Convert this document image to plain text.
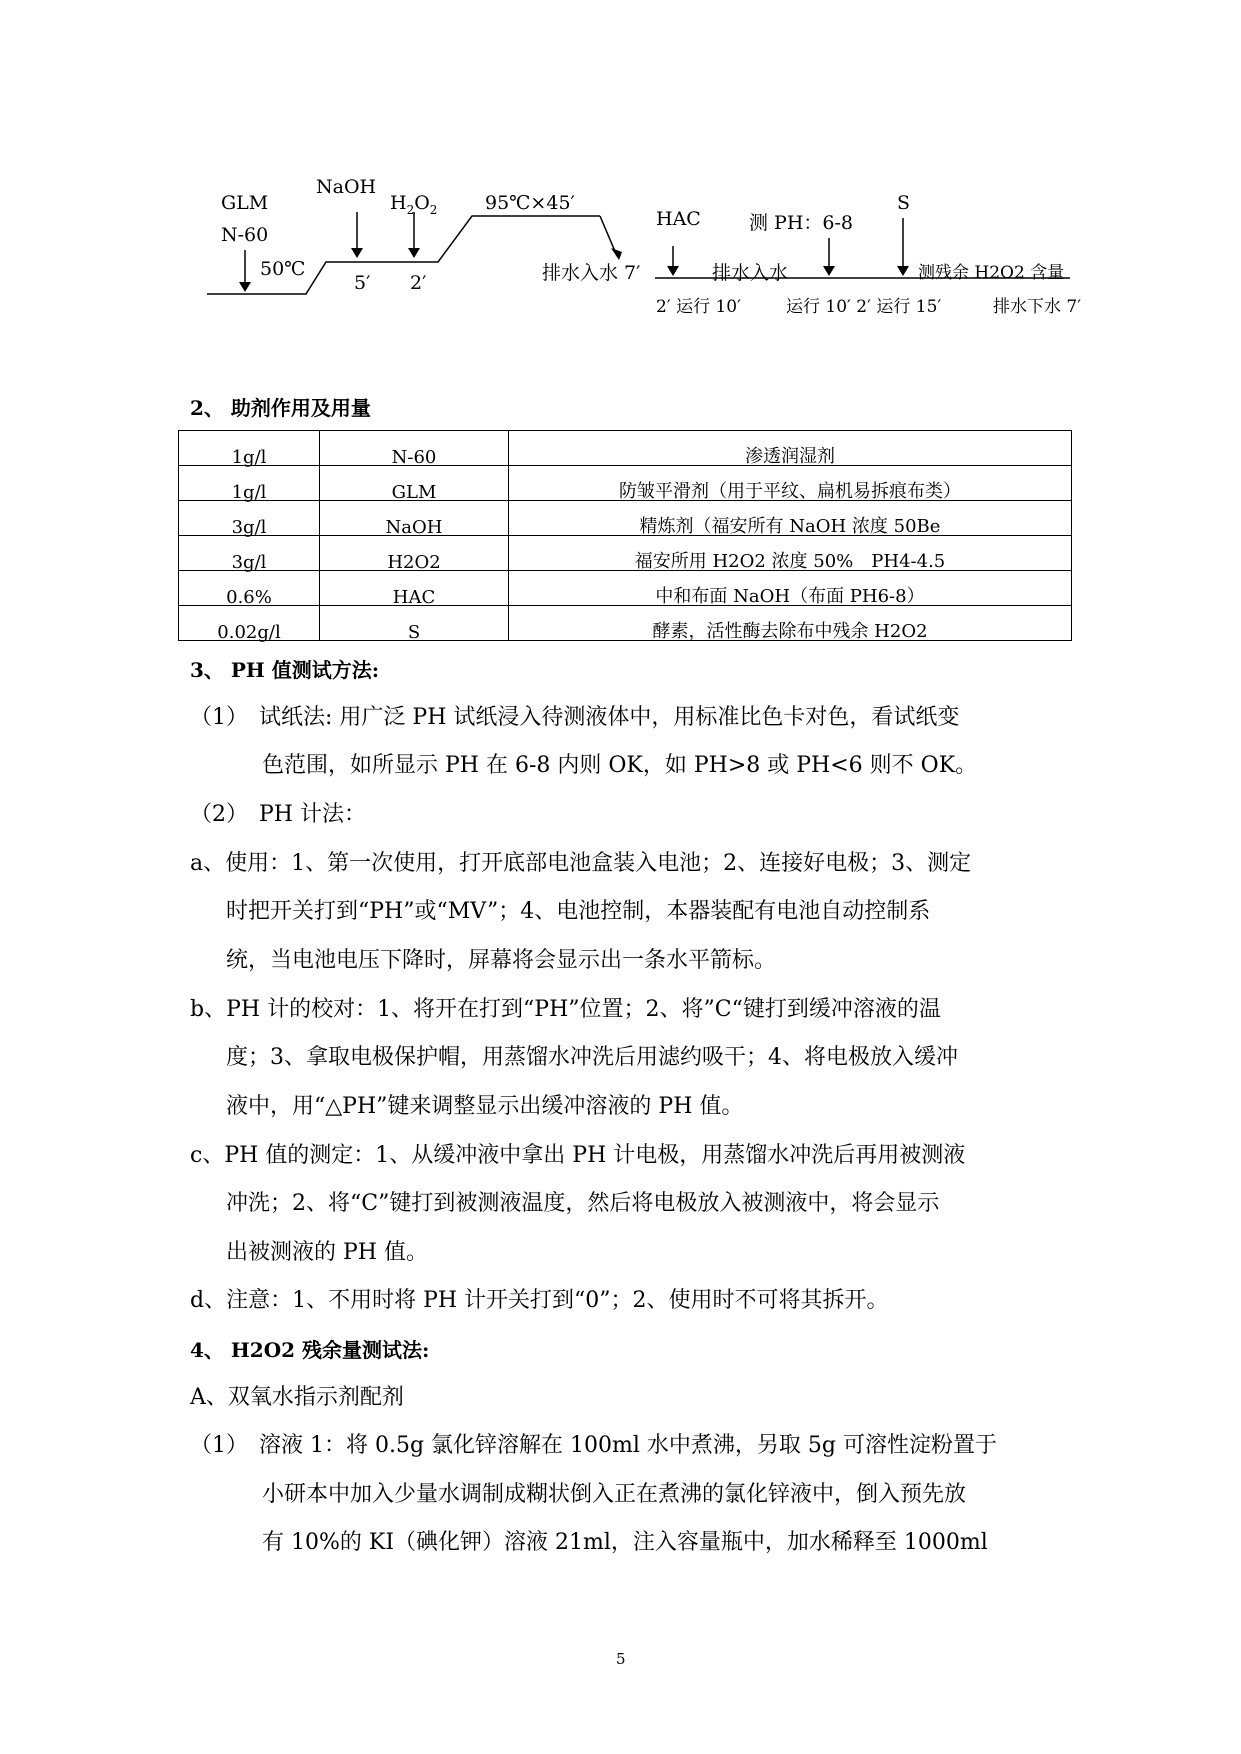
GLM
N-60
50℃
NaOH
5′
$H_2O_2$
2′
95℃×45′
排水入水 7′
HAC	测 PH：6-8
S
排水入水	测残余 H2O2 含量
2′ 运行 10′	运行 10′ 2′ 运行 15′	排水下水 7′
2、 助剂作用及用量
1g/l	N-60	渗透润湿剂
1g/l	GLM	防皱平滑剂（用于平纹、扁机易拆痕布类）
3g/l	NaOH	精炼剂（福安所有 NaOH 浓度 50Be
3g/l	H2O2	福安所用 H2O2 浓度 50%　PH4-4.5
0.6%	HAC	中和布面 NaOH（布面 PH6-8）
0.02g/l	S	酵素，活性酶去除布中残余 H2O2
3、 PH 值测试方法:
（1）　试纸法: 用广泛 PH 试纸浸入待测液体中，用标准比色卡对色，看试纸变
色范围，如所显示 PH 在 6-8 内则 OK，如 PH>8 或 PH<6 则不 OK。
（2）　PH 计法：
a、使用：1、第一次使用，打开底部电池盒装入电池；2、连接好电极；3、测定
时把开关打到“PH”或“MV”；4、电池控制，本器装配有电池自动控制系
统，当电池电压下降时，屏幕将会显示出一条水平箭标。
b、PH 计的校对：1、将开在打到“PH”位置；2、将”C“键打到缓冲溶液的温
度；3、拿取电极保护帽，用蒸馏水冲洗后用滤约吸干；4、将电极放入缓冲
液中，用“△PH”键来调整显示出缓冲溶液的 PH 值。
c、PH 值的测定：1、从缓冲液中拿出 PH 计电极，用蒸馏水冲洗后再用被测液
冲洗；2、将“C”键打到被测液温度，然后将电极放入被测液中，将会显示
出被测液的 PH 值。
d、注意：1、不用时将 PH 计开关打到“0”；2、使用时不可将其拆开。
4、 H2O2 残余量测试法:
A、双氧水指示剂配剂
（1）　溶液 1：将 0.5g 氯化锌溶解在 100ml 水中煮沸，另取 5g 可溶性淀粉置于
小研本中加入少量水调制成糊状倒入正在煮沸的氯化锌液中，倒入预先放
有 10%的 KI（碘化钾）溶液 21ml，注入容量瓶中，加水稀释至 1000ml
5
